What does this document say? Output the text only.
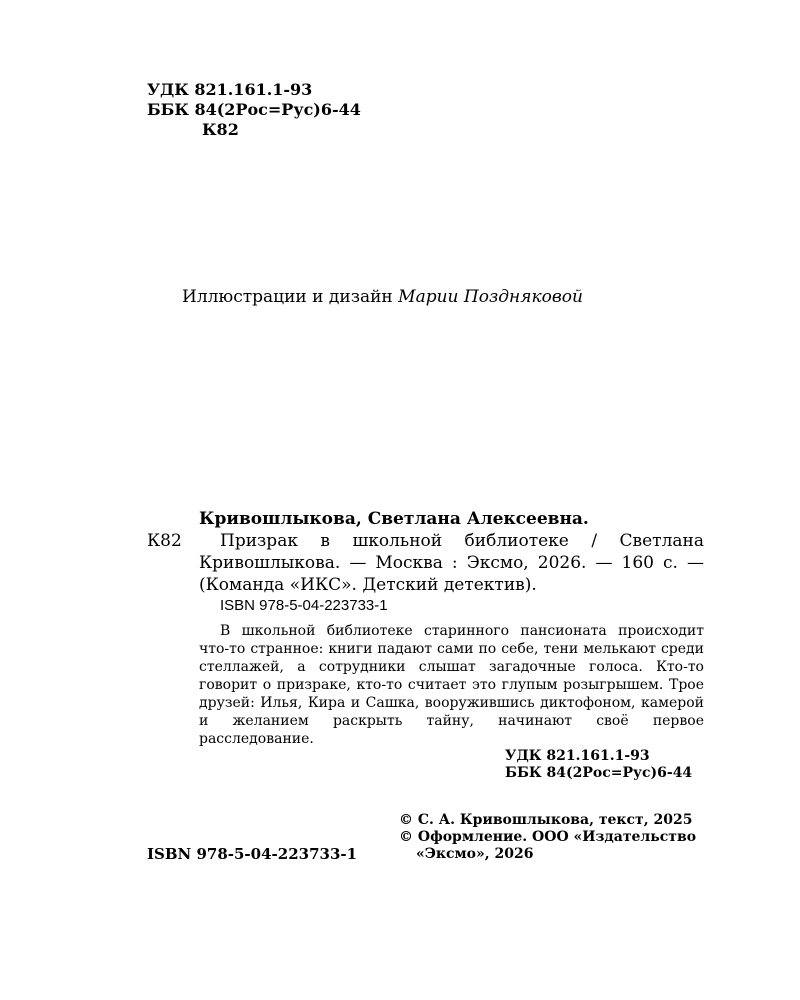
УДК 821.161.1-93
ББК 84(2Рос=Рус)6-44
К82
Иллюстрации и дизайн Марии Поздняковой
Кривошлыкова, Светлана Алексеевна.
К82	Призрак в школьной библиотеке / Светлана Кривошлыкова. — Москва : Эксмо, 2026. — 160 с. — (Команда «ИКС». Детский детектив).
ISBN 978-5-04-223733-1
В школьной библиотеке старинного пансионата происходит что-то странное: книги падают сами по себе, тени мелькают среди стеллажей, а сотрудники слышат загадочные голоса. Кто-то говорит о призраке, кто-то считает это глупым розыгрышем. Трое друзей: Илья, Кира и Сашка, вооружившись диктофоном, камерой и желанием раскрыть тайну, начинают своё первое расследование.
УДК 821.161.1-93
ББК 84(2Рос=Рус)6-44
© С. А. Кривошлыкова, текст, 2025
© Оформление. ООО «Издательство
«Эксмо», 2026
ISBN 978-5-04-223733-1
